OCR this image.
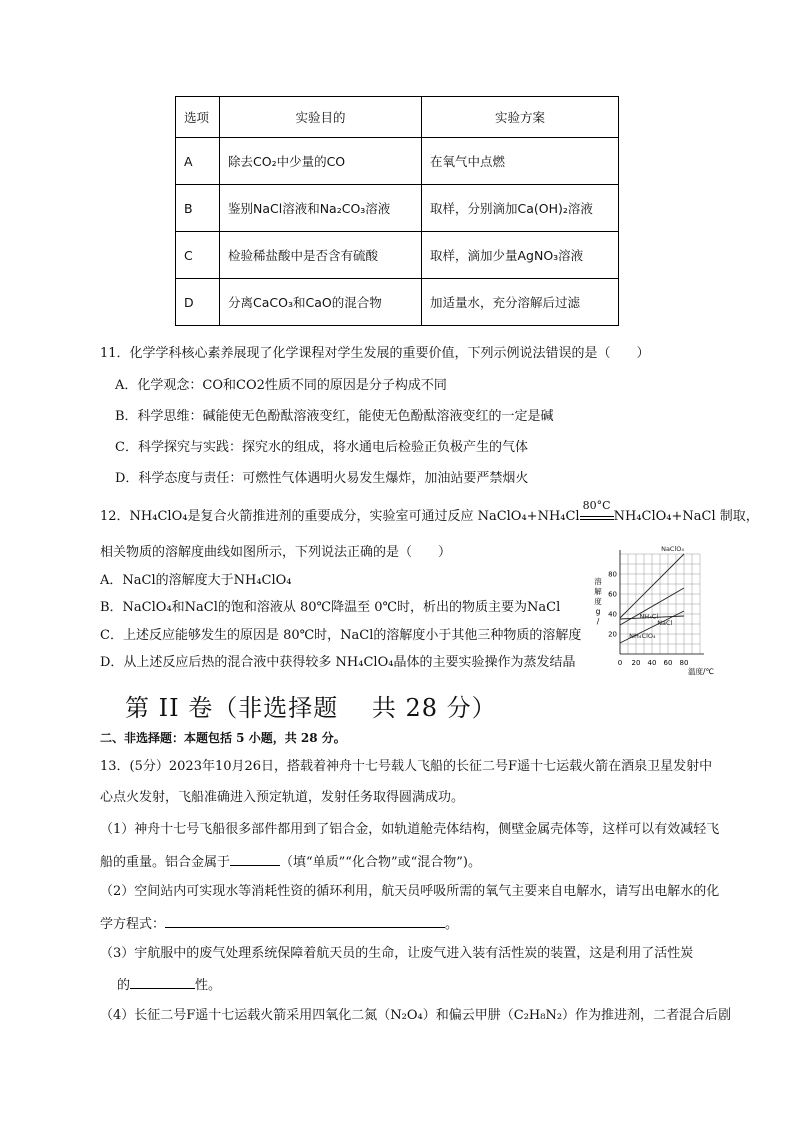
选项	实验目的	实验方案
A	除去CO₂中少量的CO	在氧气中点燃
B	鉴别NaCl溶液和Na₂CO₃溶液	取样，分别滴加Ca(OH)₂溶液
C	检验稀盐酸中是否含有硫酸	取样，滴加少量AgNO₃溶液
D	分离CaCO₃和CaO的混合物	加适量水，充分溶解后过滤
11．化学学科核心素养展现了化学课程对学生发展的重要价值，下列示例说法错误的是（　　）
A．化学观念：CO和CO2性质不同的原因是分子构成不同
B．科学思维：碱能使无色酚酞溶液变红，能使无色酚酞溶液变红的一定是碱
C．科学探究与实践：探究水的组成，将水通电后检验正负极产生的气体
D．科学态度与责任：可燃性气体遇明火易发生爆炸，加油站要严禁烟火
12．NH₄ClO₄是复合火箭推进剂的重要成分，实验室可通过反应 NaClO₄+NH₄Cl
80°C
NH₄ClO₄+NaCl 制取，
相关物质的溶解度曲线如图所示，下列说法正确的是（　　）
A．NaCl的溶解度大于NH₄ClO₄
B．NaClO₄和NaCl的饱和溶液从 80℃降温至 0℃时，析出的物质主要为NaCl
C．上述反应能够发生的原因是 80℃时，NaCl的溶解度小于其他三种物质的溶解度
D．从上述反应后热的混合液中获得较多 NH₄ClO₄晶体的主要实验操作为蒸发结晶	0 20 40 60 80
20
40
60
80
溶
解
度
g
/
温度/℃
NaClO₄
NH₄Cl
NaCl
NH₄ClO₄
第 II 卷（非选择题　 共 28 分）
二、非选择题：本题包括 5 小题，共 28 分。
13．(5分）2023年10月26日，搭载着神舟十七号载人飞船的长征二号F遥十七运载火箭在酒泉卫星发射中
心点火发射，飞船准确进入预定轨道，发射任务取得圆满成功。
（1）神舟十七号飞船很多部件都用到了铝合金，如轨道舱壳体结构，侧壁金属壳体等，这样可以有效减轻飞
船的重量。铝合金属于	（填“单质”“化合物”或“混合物”)。
（2）空间站内可实现水等消耗性资的循环利用，航天员呼吸所需的氧气主要来自电解水，请写出电解水的化
学方程式：	。
（3）宇航服中的废气处理系统保障着航天员的生命，让废气进入装有活性炭的装置，这是利用了活性炭
的	性。
（4）长征二号F遥十七运载火箭采用四氧化二氮（N₂O₄）和偏云甲肼（C₂H₈N₂）作为推进剂，二者混合后剧
